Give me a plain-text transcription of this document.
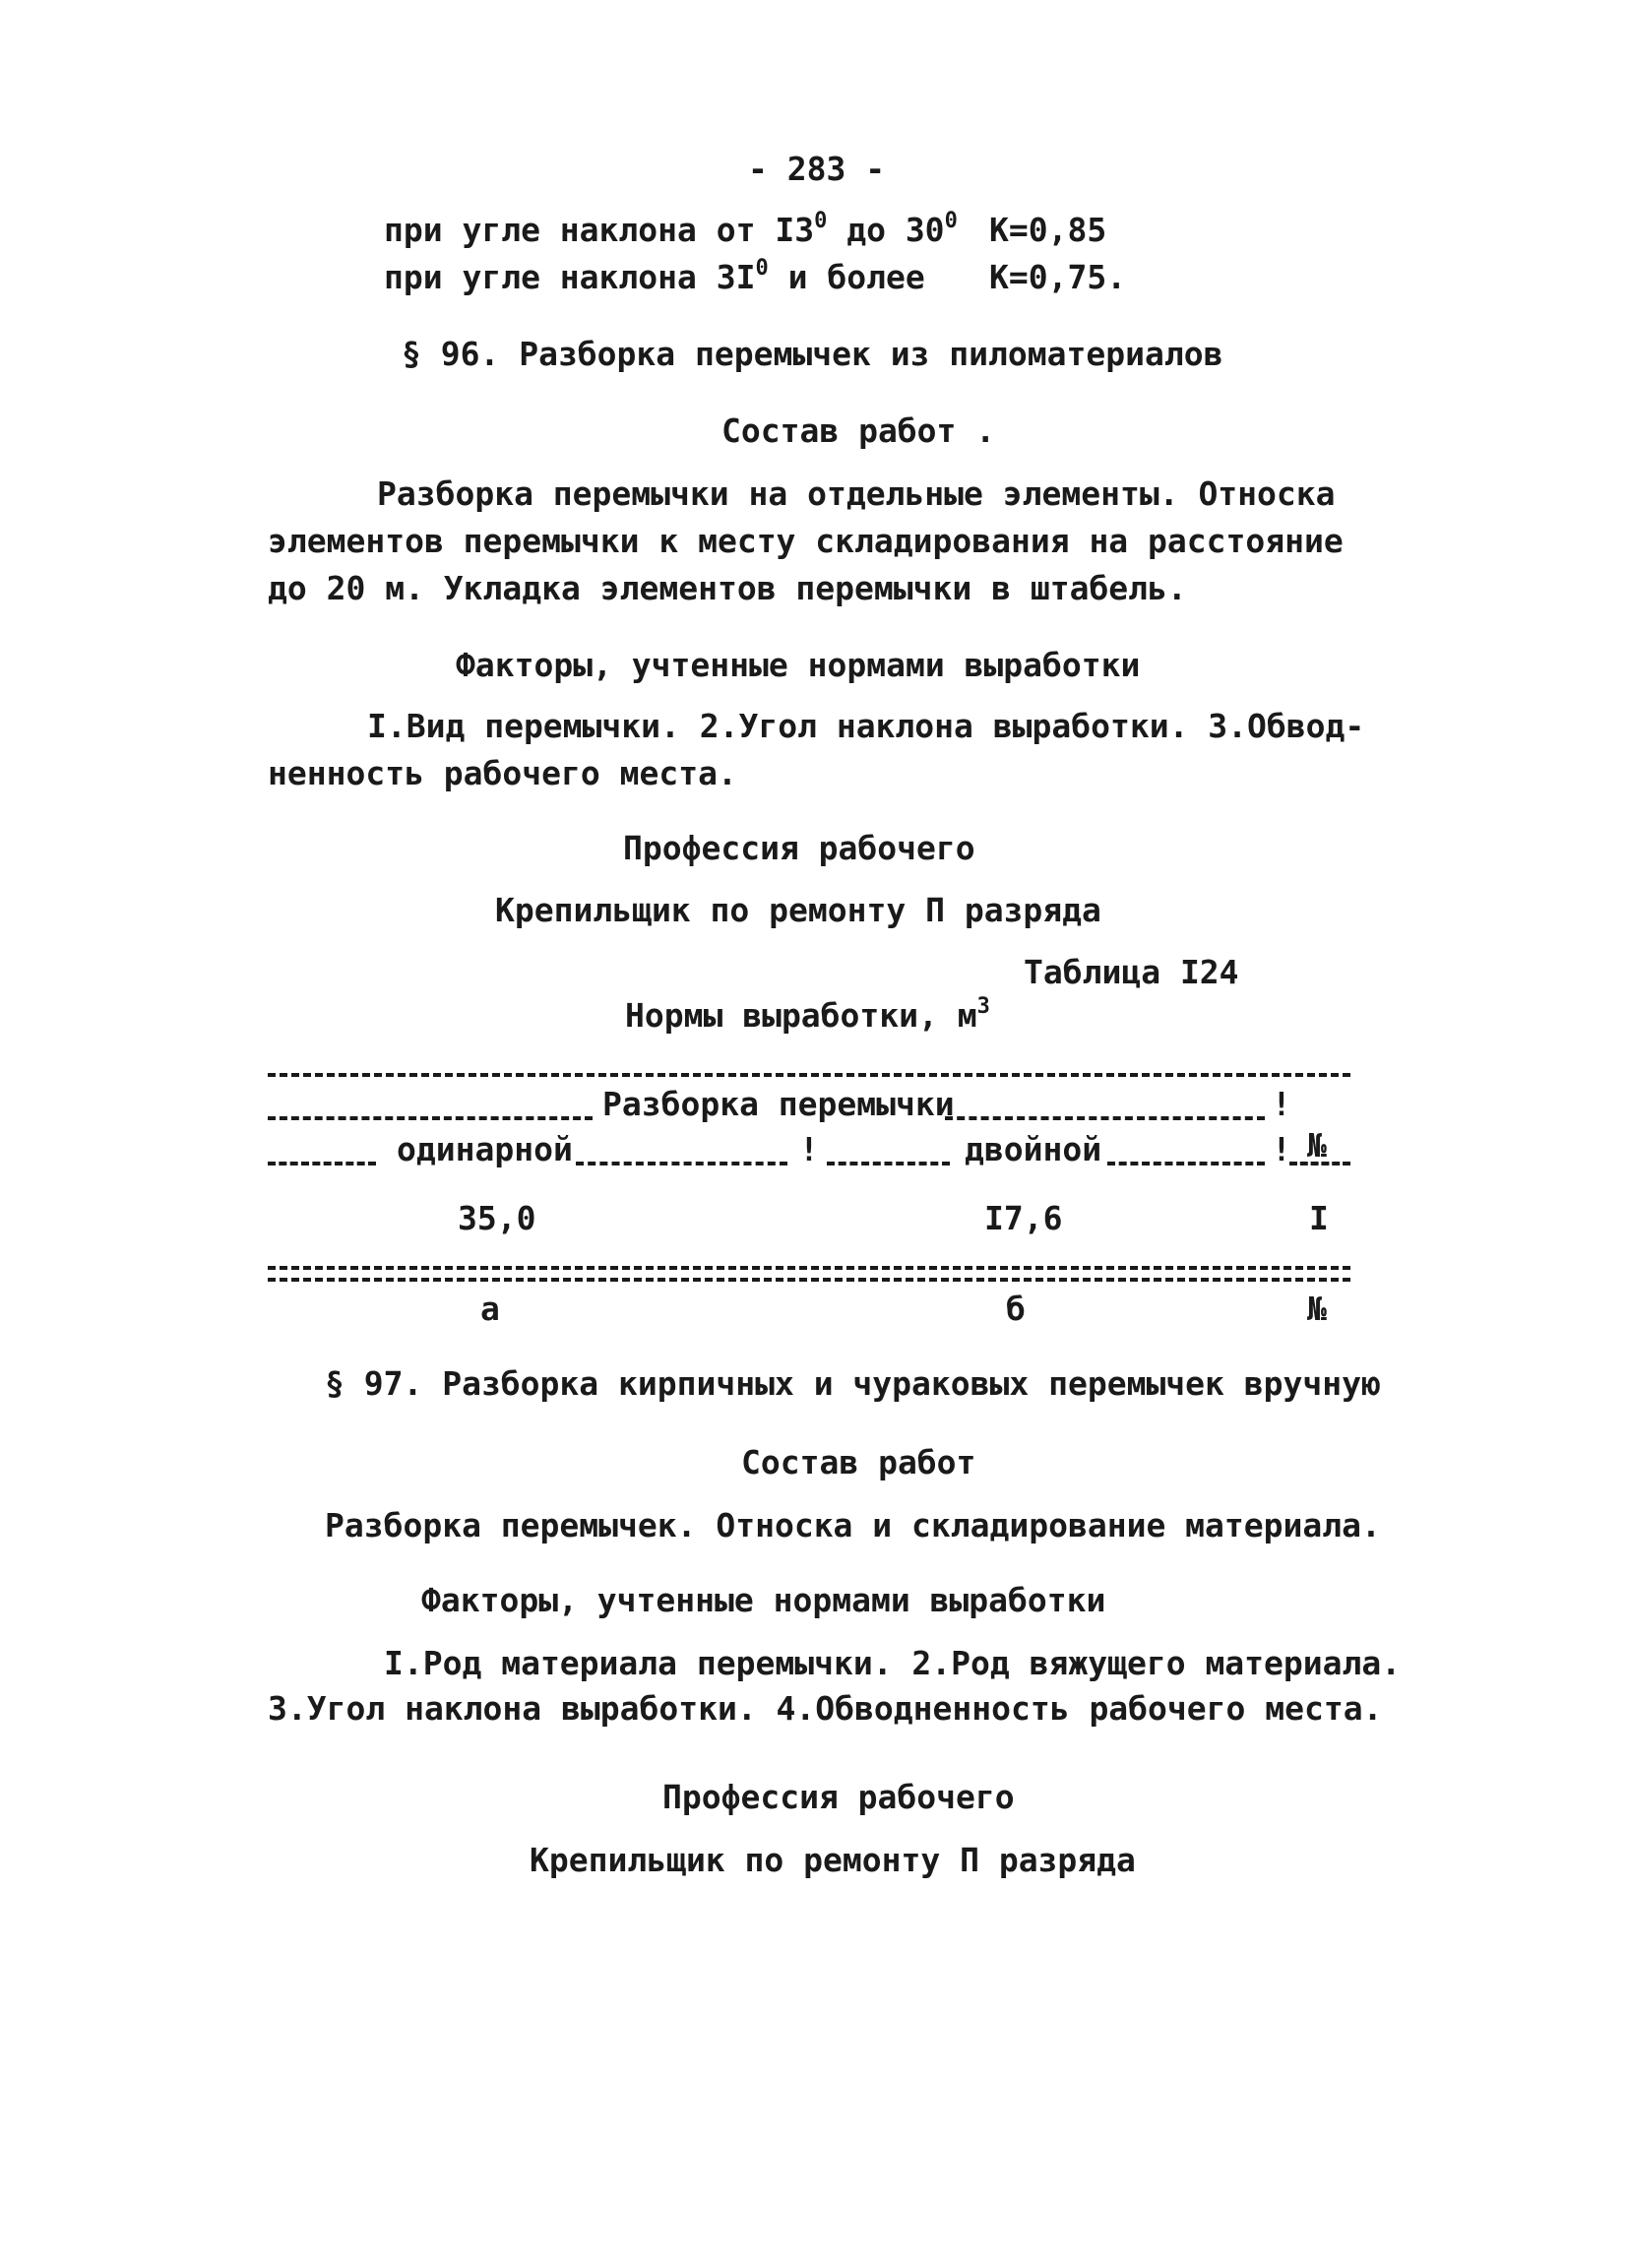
- 283 -
при угле наклона от $I3^0$ до $30^0$ К=0,85
при угле наклона $3I^0$ и более К=0,75.
§ 96. Разборка перемычек из пиломатериалов
Состав работ .
Разборка перемычки на отдельные элементы. Относка
элементов перемычки к месту складирования на расстояние
до 20 м. Укладка элементов перемычки в штабель.
Факторы, учтенные нормами выработки
I.Вид перемычки. 2.Угол наклона выработки. 3.Обвод-
ненность рабочего места.
Профессия рабочего
Крепильщик по ремонту П разряда
Таблица I24
Нормы выработки, $м^3$
Разборка перемычки	!
одинарной	!	двойной	! №
35,0	I7,6	I
а	б	№
§ 97. Разборка кирпичных и чураковых перемычек вручную
Состав работ
Разборка перемычек. Относка и складирование материала.
Факторы, учтенные нормами выработки
I.Род материала перемычки. 2.Род вяжущего материала.
3.Угол наклона выработки. 4.Обводненность рабочего места.
Профессия рабочего
Крепильщик по ремонту П разряда
